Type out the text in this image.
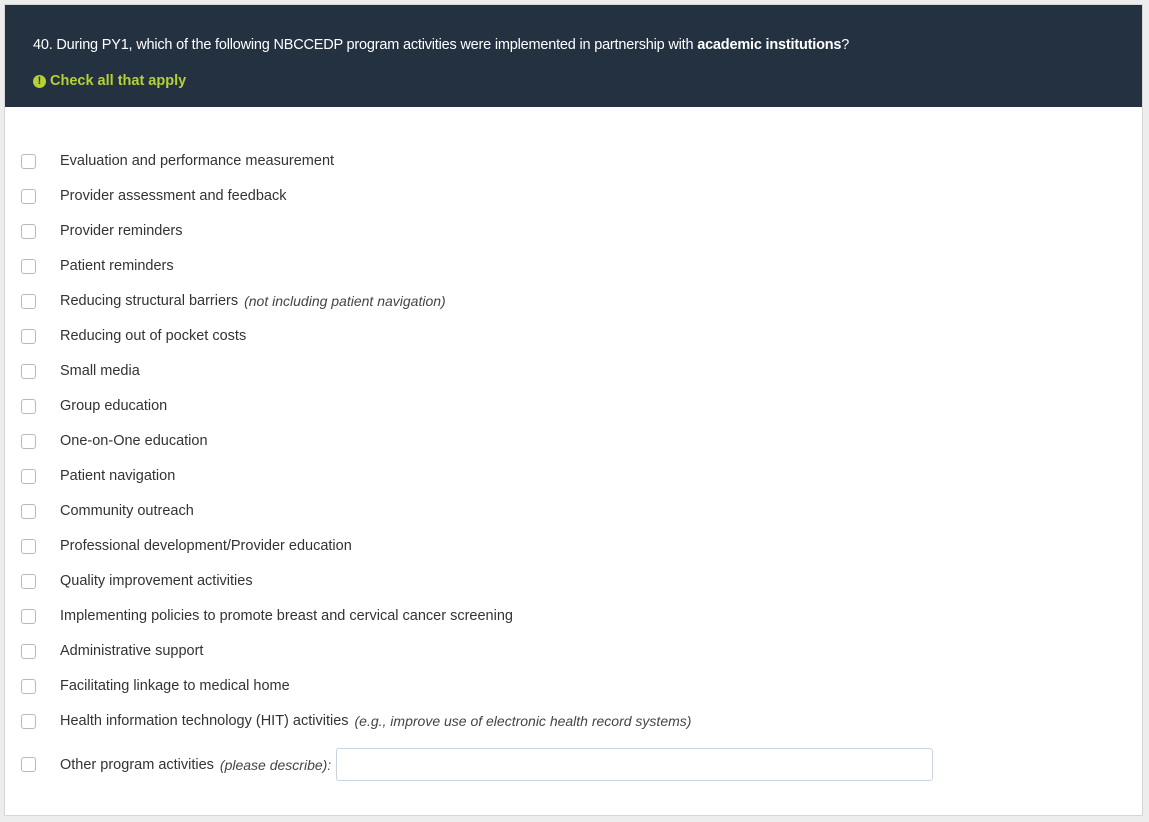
40. During PY1, which of the following NBCCEDP program activities were implemented in partnership with academic institutions?
! Check all that apply
Evaluation and performance measurement
Provider assessment and feedback
Provider reminders
Patient reminders
Reducing structural barriers (not including patient navigation)
Reducing out of pocket costs
Small media
Group education
One-on-One education
Patient navigation
Community outreach
Professional development/Provider education
Quality improvement activities
Implementing policies to promote breast and cervical cancer screening
Administrative support
Facilitating linkage to medical home
Health information technology (HIT) activities (e.g., improve use of electronic health record systems)
Other program activities (please describe):
